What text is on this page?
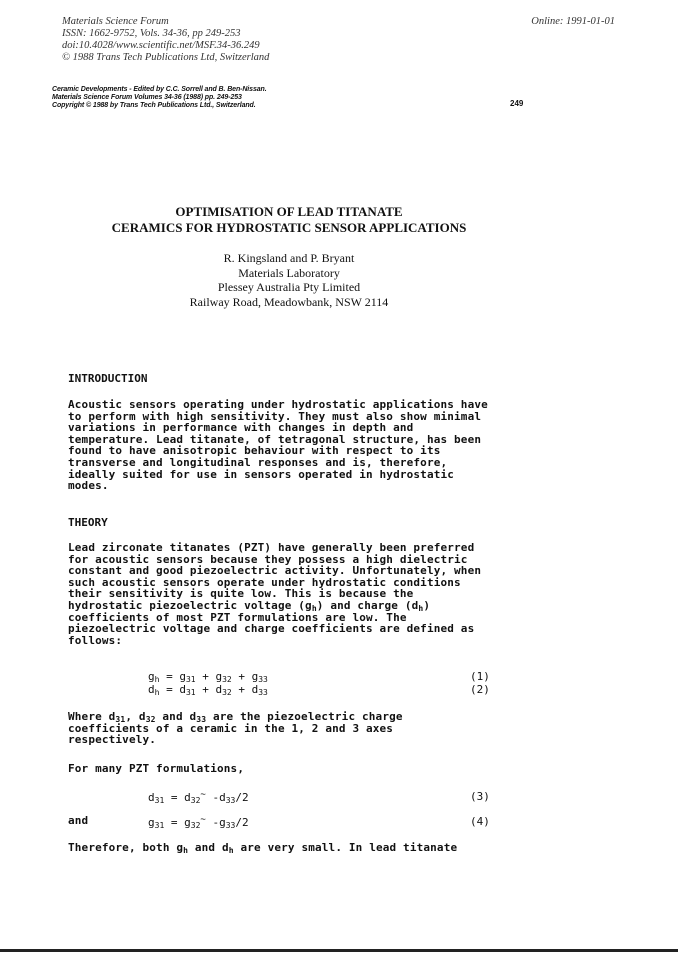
Materials Science Forum
ISSN: 1662-9752, Vols. 34-36, pp 249-253
doi:10.4028/www.scientific.net/MSF.34-36.249
© 1988 Trans Tech Publications Ltd, Switzerland
Online: 1991-01-01
Ceramic Developments - Edited by C.C. Sorrell and B. Ben-Nissan.
Materials Science Forum Volumes 34-36 (1988) pp. 249-253
Copyright © 1988 by Trans Tech Publications Ltd., Switzerland.	249
OPTIMISATION OF LEAD TITANATE
CERAMICS FOR HYDROSTATIC SENSOR APPLICATIONS
R. Kingsland and P. Bryant
Materials Laboratory
Plessey Australia Pty Limited
Railway Road, Meadowbank, NSW 2114
INTRODUCTION
Acoustic sensors operating under hydrostatic applications have
to perform with high sensitivity. They must also show minimal
variations in performance with changes in depth and
temperature. Lead titanate, of tetragonal structure, has been
found to have anisotropic behaviour with respect to its
transverse and longitudinal responses and is, therefore,
ideally suited for use in sensors operated in hydrostatic
modes.
THEORY
Lead zirconate titanates (PZT) have generally been preferred
for acoustic sensors because they possess a high dielectric
constant and good piezoelectric activity. Unfortunately, when
such acoustic sensors operate under hydrostatic conditions
their sensitivity is quite low. This is because the
hydrostatic piezoelectric voltage $(g_h)$ and charge $(d_h)$
coefficients of most PZT formulations are low. The
piezoelectric voltage and charge coefficients are defined as
follows:
$g_h = g_{31} + g_{32} + g_{33}$	(1)
$d_h = d_{31} + d_{32} + d_{33}$	(2)
Where $d_{31}$, $d_{32}$ and $d_{33}$ are the piezoelectric charge
coefficients of a ceramic in the 1, 2 and 3 axes
respectively.
For many PZT formulations,
$d_{31} = d_{32}^\sim$ $-d_{33}/2$	(3)
and	$g_{31} = g_{32}^\sim$ $-g_{33}/2$	(4)
Therefore, both $g_h$ and $d_h$ are very small. In lead titanate
